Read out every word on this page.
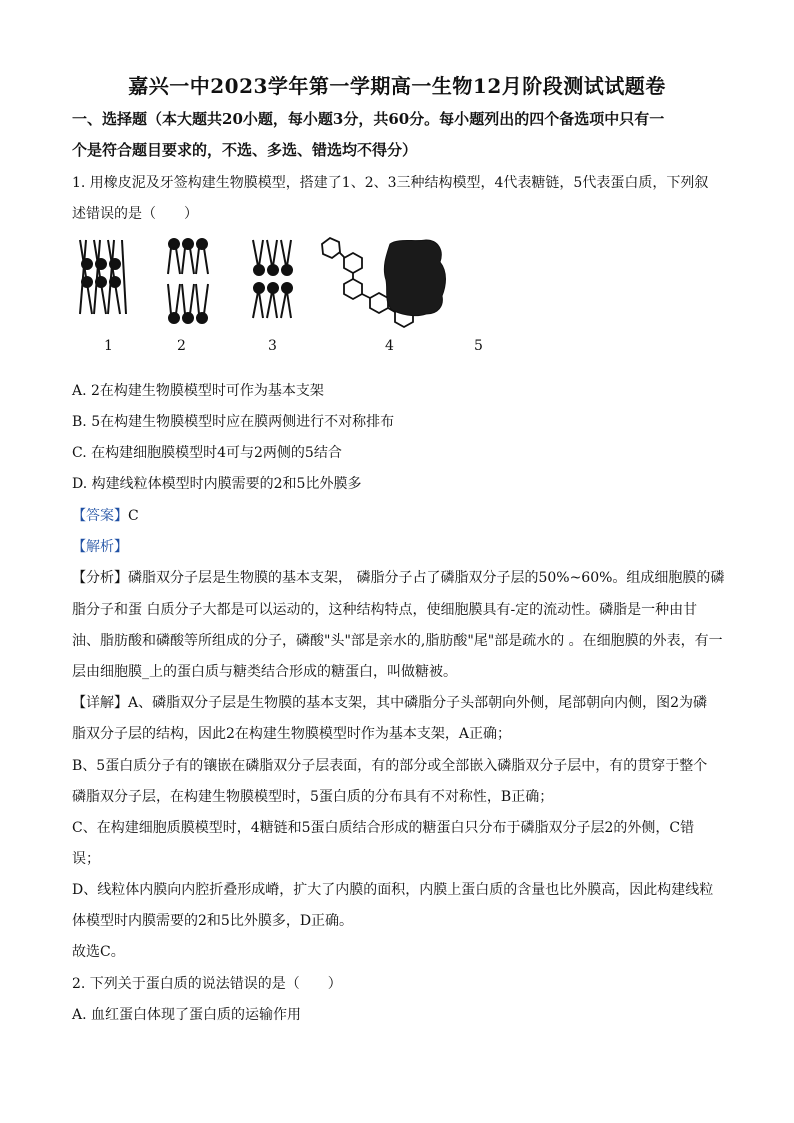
嘉兴一中2023学年第一学期高一生物12月阶段测试试题卷
一、选择题（本大题共20小题，每小题3分，共60分。每小题列出的四个备选项中只有一
个是符合题目要求的，不选、多选、错选均不得分）
1. 用橡皮泥及牙签构建生物膜模型，搭建了1、2、3三种结构模型，4代表糖链，5代表蛋白质，下列叙
述错误的是（　　）
1	2	3	4	5
A. 2在构建生物膜模型时可作为基本支架
B. 5在构建生物膜模型时应在膜两侧进行不对称排布
C. 在构建细胞膜模型时4可与2两侧的5结合
D. 构建线粒体模型时内膜需要的2和5比外膜多
【答案】C
【解析】
【分析】磷脂双分子层是生物膜的基本支架， 磷脂分子占了磷脂双分子层的50%~60%。组成细胞膜的磷
脂分子和蛋 白质分子大都是可以运动的，这种结构特点，使细胞膜具有-定的流动性。磷脂是一种由甘
油、脂肪酸和磷酸等所组成的分子，磷酸"头"部是亲水的,脂肪酸"尾"部是疏水的 。在细胞膜的外表，有一
层由细胞膜_上的蛋白质与糖类结合形成的糖蛋白，叫做糖被。
【详解】A、磷脂双分子层是生物膜的基本支架，其中磷脂分子头部朝向外侧，尾部朝向内侧，图2为磷
脂双分子层的结构，因此2在构建生物膜模型时作为基本支架，A正确；
B、5蛋白质分子有的镶嵌在磷脂双分子层表面，有的部分或全部嵌入磷脂双分子层中，有的贯穿于整个
磷脂双分子层，在构建生物膜模型时，5蛋白质的分布具有不对称性，B正确；
C、在构建细胞质膜模型时，4糖链和5蛋白质结合形成的糖蛋白只分布于磷脂双分子层2的外侧，C错
误；
D、线粒体内膜向内腔折叠形成嵴，扩大了内膜的面积，内膜上蛋白质的含量也比外膜高，因此构建线粒
体模型时内膜需要的2和5比外膜多，D正确。
故选C。
2. 下列关于蛋白质的说法错误的是（　　）
A. 血红蛋白体现了蛋白质的运输作用
